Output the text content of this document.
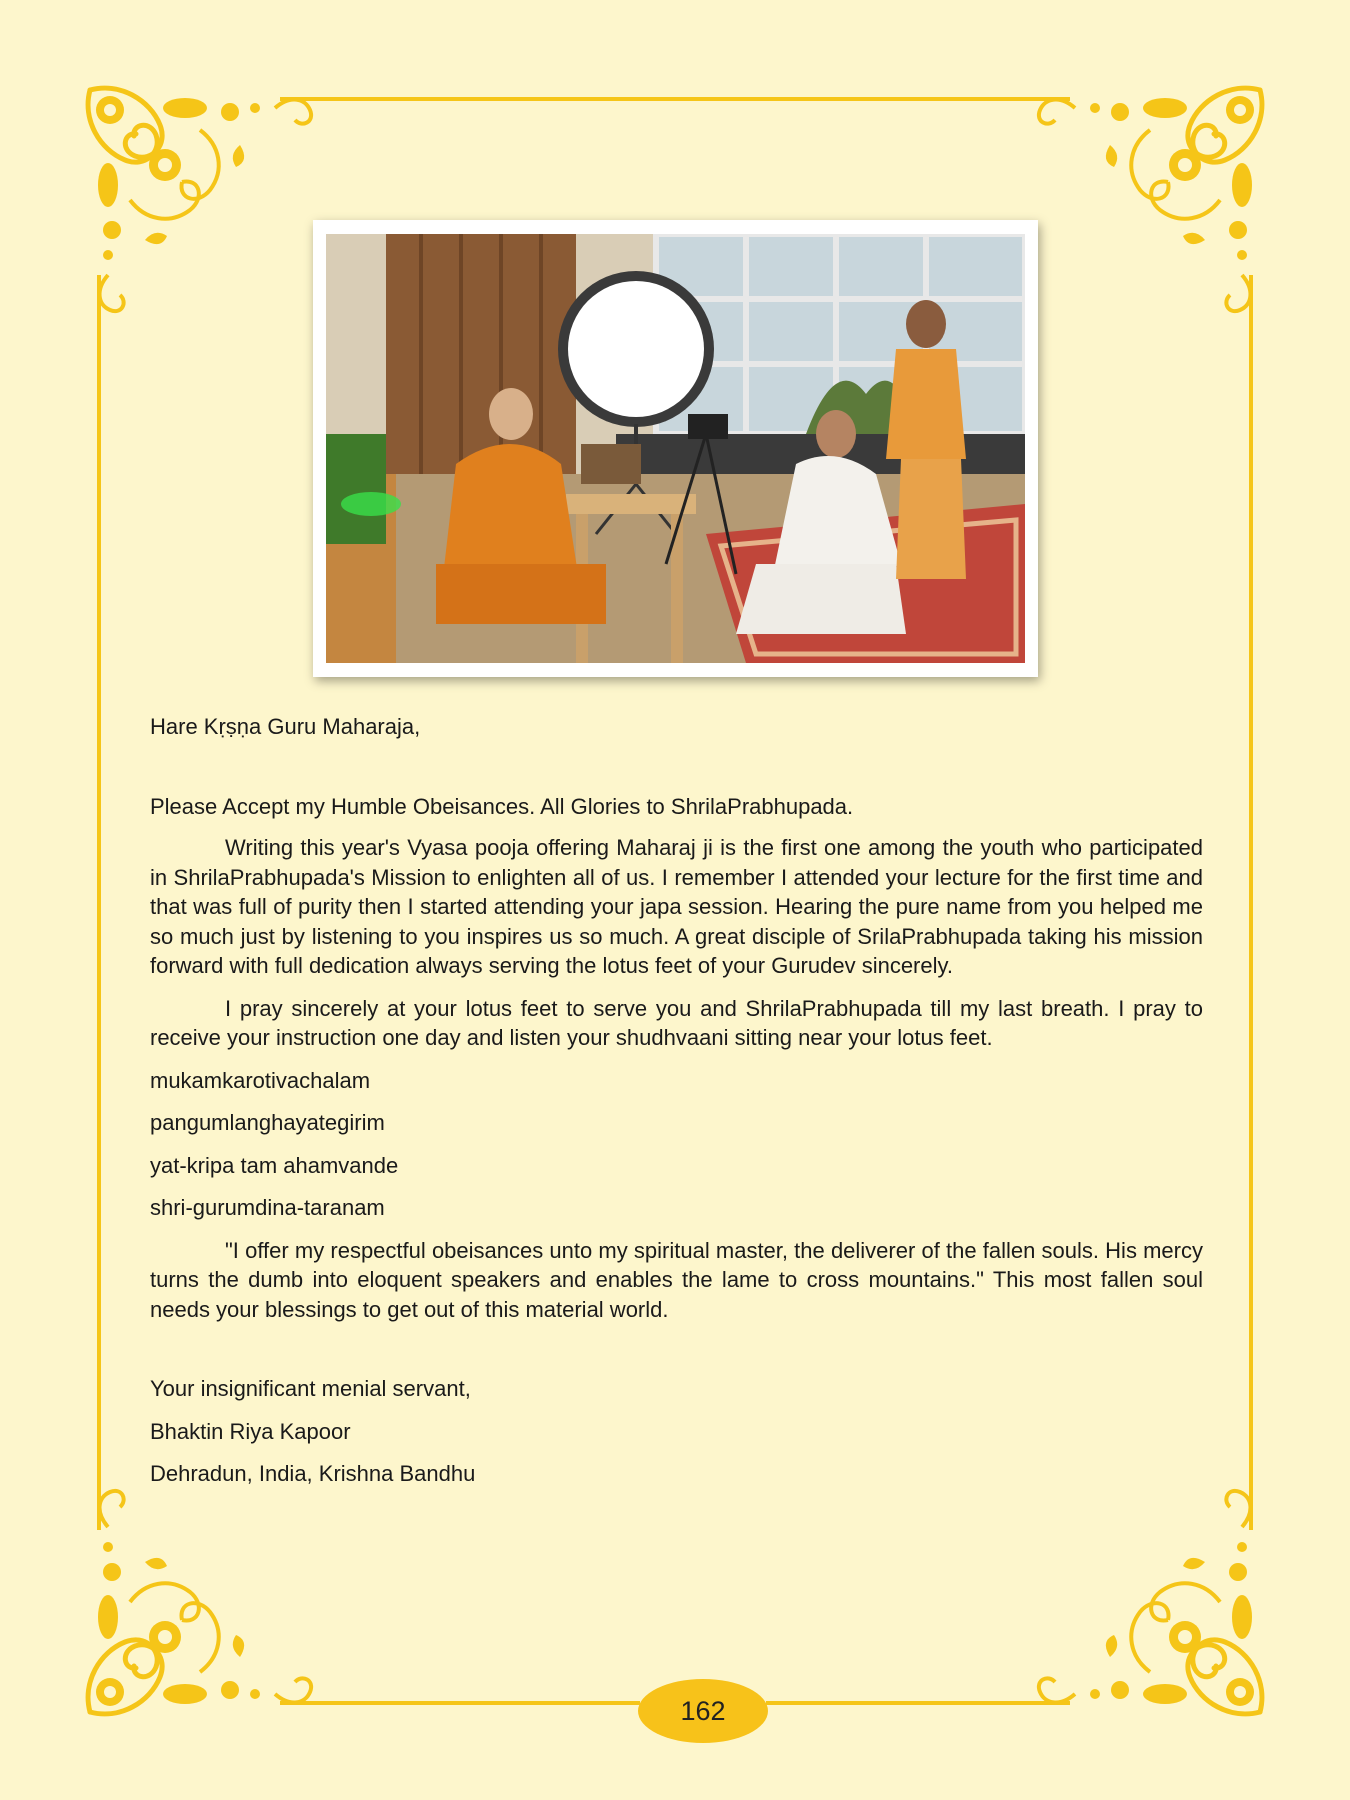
Hare Kṛṣṇa Guru Maharaja,

Please Accept my Humble Obeisances. All Glories to ShrilaPrabhupada.

Writing this year's Vyasa pooja offering Maharaj ji is the first one among the youth who participated in ShrilaPrabhupada's Mission to enlighten all of us. I remember I attended your lecture for the first time and that was full of purity then I started attending your japa session. Hearing the pure name from you helped me so much just by listening to you inspires us so much. A great disciple of SrilaPrabhupada taking his mission forward with full dedication always serving the lotus feet of your Gurudev sincerely.

I pray sincerely at your lotus feet to serve you and ShrilaPrabhupada till my last breath. I pray to receive your instruction one day and listen your shudhvaani sitting near your lotus feet.

mukamkarotivachalam

pangumlanghayategirim

yat-kripa tam ahamvande

shri-gurumdina-taranam

"I offer my respectful obeisances unto my spiritual master, the deliverer of the fallen souls. His mercy turns the dumb into eloquent speakers and enables the lame to cross mountains." This most fallen soul needs your blessings to get out of this material world.

Your insignificant menial servant,

Bhaktin Riya Kapoor

Dehradun, India, Krishna Bandhu

162
